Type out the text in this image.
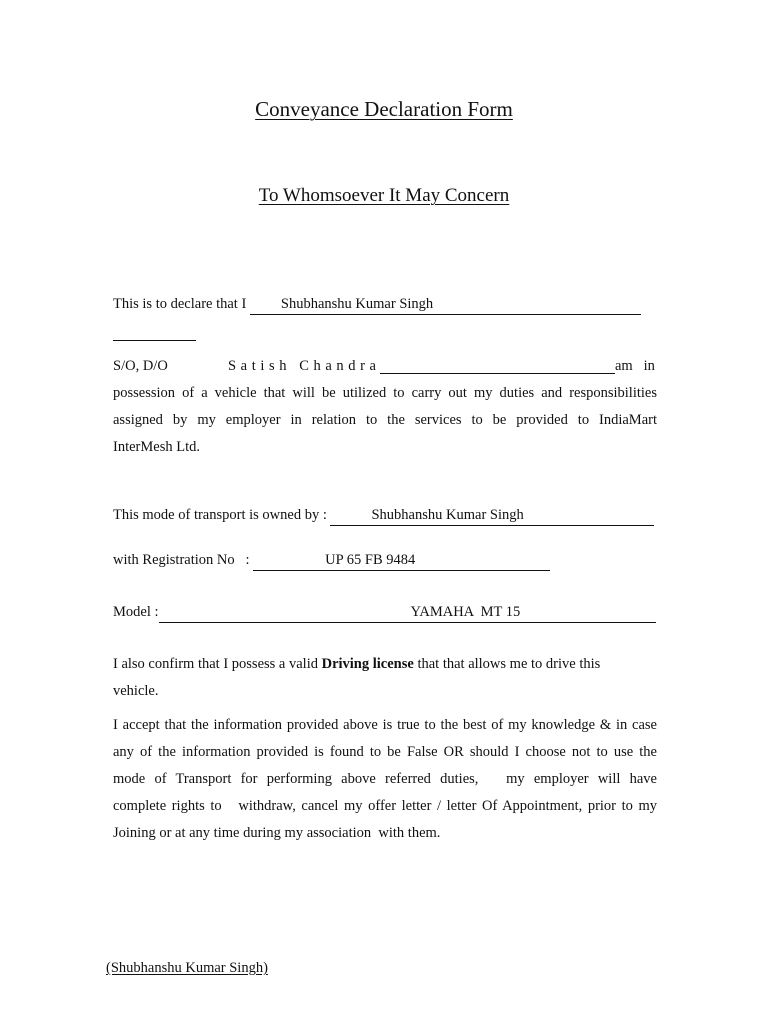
Conveyance Declaration Form
To Whomsoever It May Concern
This is to declare that I Shubhanshu Kumar Singh
S/O, D/O	Satish Chandra	am   in
possession of a vehicle that will be utilized to carry out my duties and responsibilities
assigned by my employer in relation to the services to be provided to IndiaMart
InterMesh Ltd.
This mode of transport is owned by :	Shubhanshu Kumar Singh
with Registration No   :	UP 65 FB 9484
Model :	YAMAHA  MT 15
I also confirm that I possess a valid Driving license that that allows me to drive this
vehicle.
I accept that the information provided above is true to the best of my knowledge & in case
any of the information provided is found to be False OR should I choose not to use the
mode of Transport for performing above referred duties,   my employer will have
complete rights to   withdraw, cancel my offer letter / letter Of Appointment, prior to my
Joining or at any time during my association  with them.
(Shubhanshu Kumar Singh)
